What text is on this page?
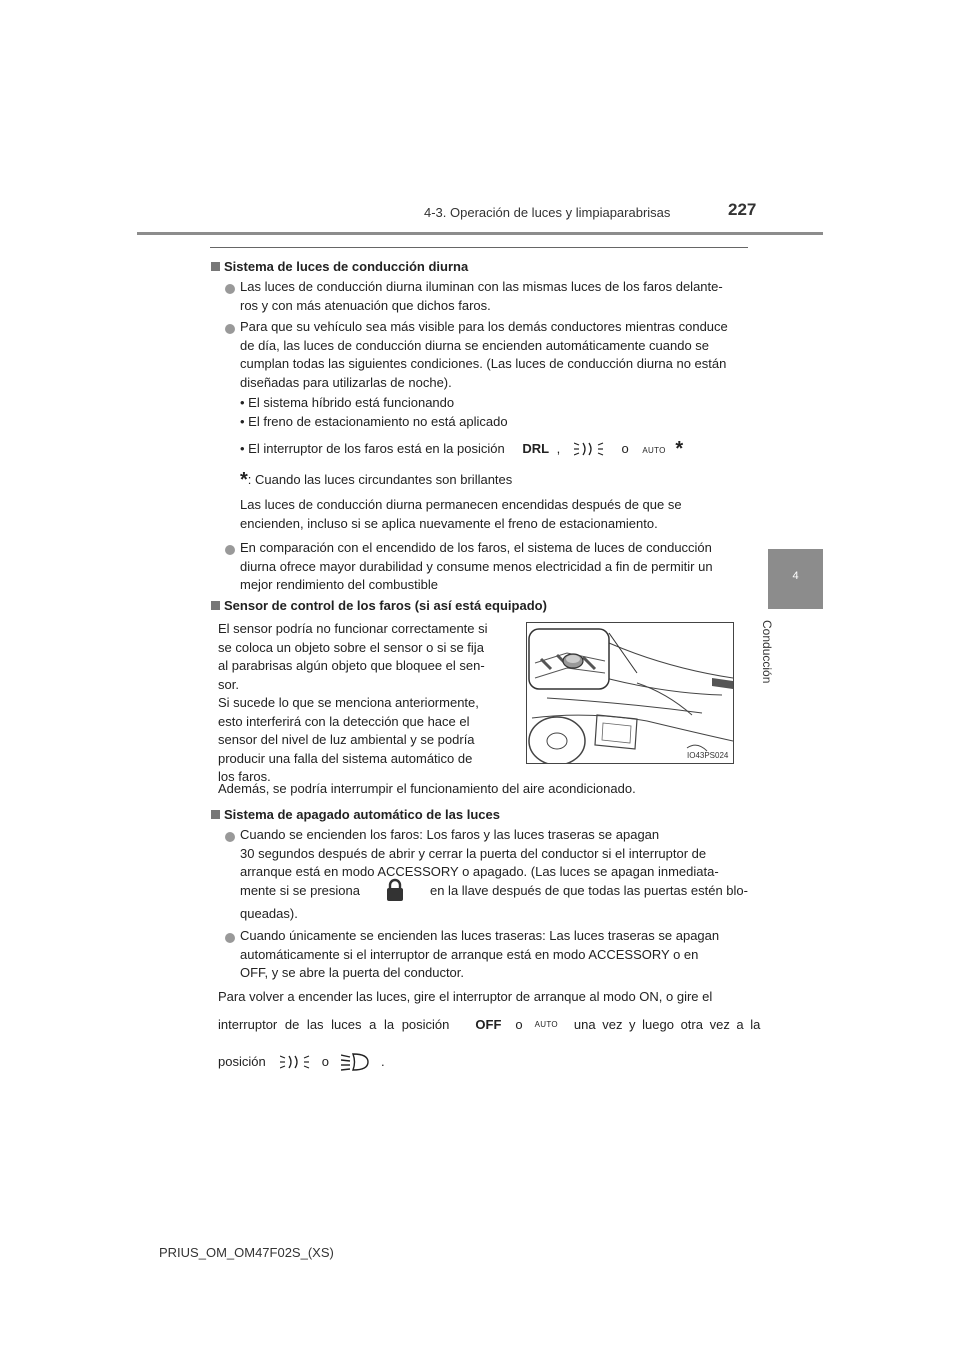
4-3. Operación de luces y limpiaparabrisas	227
4
Conducción
Sistema de luces de conducción diurna
Las luces de conducción diurna iluminan con las mismas luces de los faros delante-
ros y con más atenuación que dichos faros.
Para que su vehículo sea más visible para los demás conductores mientras conduce
de día, las luces de conducción diurna se encienden automáticamente cuando se
cumplan todas las siguientes condiciones. (Las luces de conducción diurna no están
diseñadas para utilizarlas de noche).
• El sistema híbrido está funcionando
• El freno de estacionamiento no está aplicado
• El interruptor de los faros está en la posición DRL ,	o AUTO *
*: Cuando las luces circundantes son brillantes
Las luces de conducción diurna permanecen encendidas después de que se
encienden, incluso si se aplica nuevamente el freno de estacionamiento.
En comparación con el encendido de los faros, el sistema de luces de conducción
diurna ofrece mayor durabilidad y consume menos electricidad a fin de permitir un
mejor rendimiento del combustible
Sensor de control de los faros (si así está equipado)
El sensor podría no funcionar correctamente si
se coloca un objeto sobre el sensor o si se fija
al parabrisas algún objeto que bloquee el sen-
sor.
Si sucede lo que se menciona anteriormente,
esto interferirá con la detección que hace el
sensor del nivel de luz ambiental y se podría
producir una falla del sistema automático de
los faros.
Además, se podría interrumpir el funcionamiento del aire acondicionado.
IO43PS024
Sistema de apagado automático de las luces
Cuando se encienden los faros: Los faros y las luces traseras se apagan
30 segundos después de abrir y cerrar la puerta del conductor si el interruptor de
arranque está en modo ACCESSORY o apagado. (Las luces se apagan inmediata-
mente si se presiona	en la llave después de que todas las puertas estén blo-
queadas).
Cuando únicamente se encienden las luces traseras: Las luces traseras se apagan
automáticamente si el interruptor de arranque está en modo ACCESSORY o en
OFF, y se abre la puerta del conductor.
Para volver a encender las luces, gire el interruptor de arranque al modo ON, o gire el
interruptor de las luces a la posición OFF o AUTO una vez y luego otra vez a la
posición	o	.
PRIUS_OM_OM47F02S_(XS)
